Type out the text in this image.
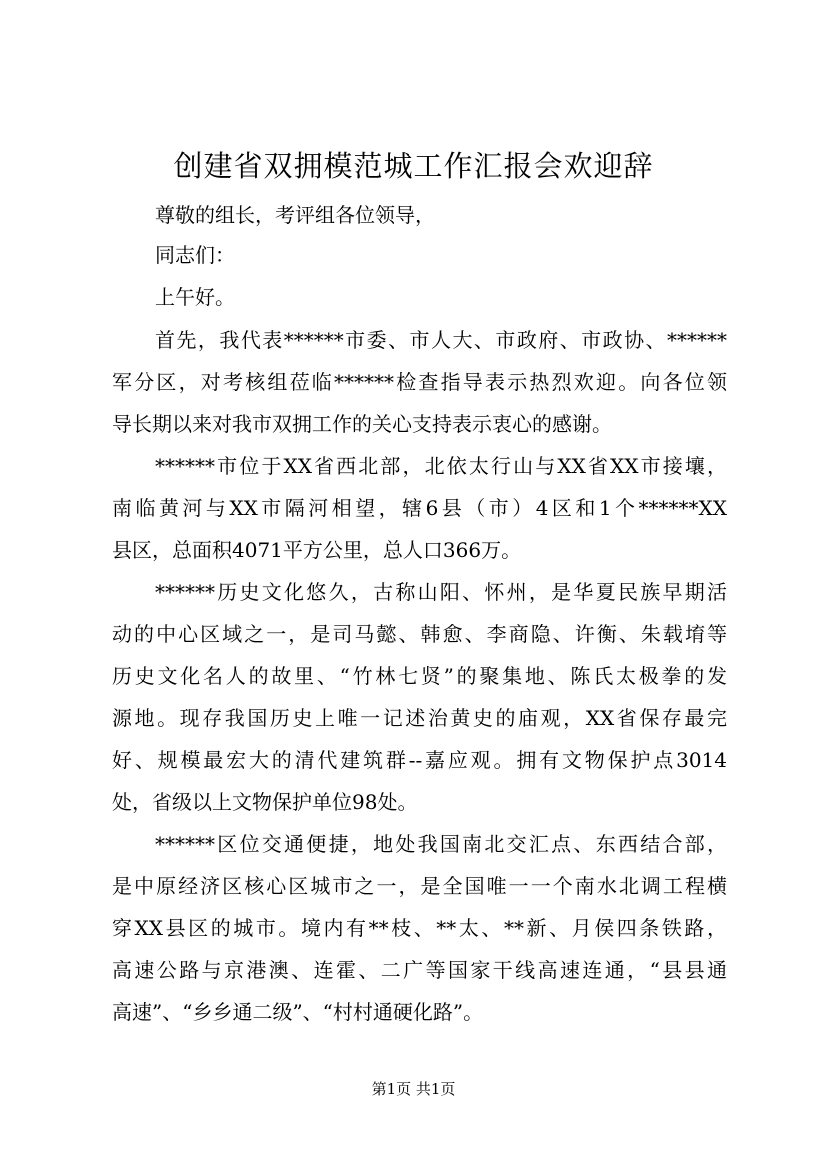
创建省双拥模范城工作汇报会欢迎辞
尊敬的组长，考评组各位领导，
同志们：
上午好。
首先，我代表******市委、市人大、市政府、市政协、******
军分区，对考核组莅临******检查指导表示热烈欢迎。向各位领
导长期以来对我市双拥工作的关心支持表示衷心的感谢。
******市位于XX省西北部，北依太行山与XX省XX市接壤，
南临黄河与XX市隔河相望，辖6县（市）4区和1个******XX
县区，总面积4071平方公里，总人口366万。
******历史文化悠久，古称山阳、怀州，是华夏民族早期活
动的中心区域之一，是司马懿、韩愈、李商隐、许衡、朱载堉等
历史文化名人的故里、“竹林七贤”的聚集地、陈氏太极拳的发
源地。现存我国历史上唯一记述治黄史的庙观，XX省保存最完
好、规模最宏大的清代建筑群--嘉应观。拥有文物保护点3014
处，省级以上文物保护单位98处。
******区位交通便捷，地处我国南北交汇点、东西结合部，
是中原经济区核心区城市之一，是全国唯一一个南水北调工程横
穿XX县区的城市。境内有**枝、**太、**新、月侯四条铁路，
高速公路与京港澳、连霍、二广等国家干线高速连通，“县县通
高速”、“乡乡通二级”、“村村通硬化路”。
第1页 共1页
